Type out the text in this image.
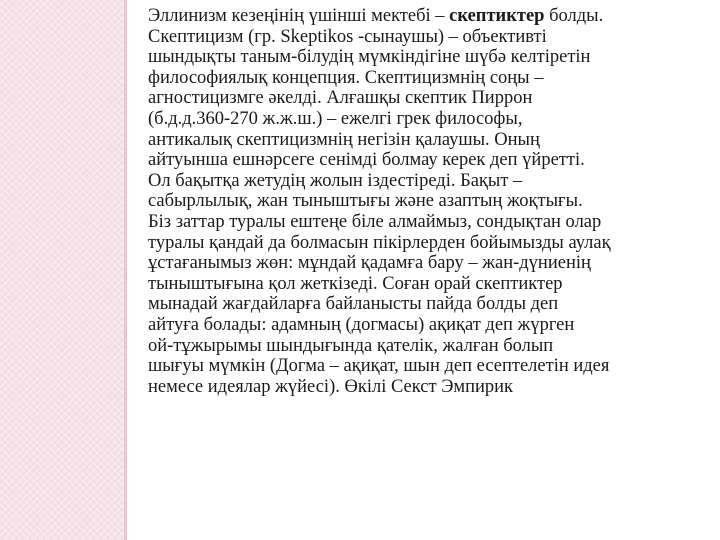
Эллинизм кезеңінің үшінші мектебі – скептиктер болды.
Скептицизм (гр. Skeptikos -сынаушы) – объективті
шындықты таным-білудің мүмкіндігіне шүбә келтіретін
философиялық концепция. Скептицизмнің соңы –
агностицизмге әкелді. Алғашқы скептик Пиррон
(б.д.д.360-270 ж.ж.ш.) – ежелгі грек философы,
антикалық скептицизмнің негізін қалаушы. Оның
айтуынша ешнәрсеге сенімді болмау керек деп үйретті.
Ол бақытқа жетудің жолын іздестіреді. Бақыт –
сабырлылық, жан тыныштығы және азаптың жоқтығы.
Біз заттар туралы ештеңе біле алмаймыз, сондықтан олар
туралы қандай да болмасын пікірлерден бойымызды аулақ
ұстағанымыз жөн: мұндай қадамға бару – жан-дүниенің
тыныштығына қол жеткізеді. Соған орай скептиктер
мынадай жағдайларға байланысты пайда болды деп
айтуға болады: адамның (догмасы) ақиқат деп жүрген
ой-тұжырымы шындығында қателік, жалған болып
шығуы мүмкін (Догма – ақиқат, шын деп есептелетін идея
немесе идеялар жүйесі). Өкілі Секст Эмпирик
